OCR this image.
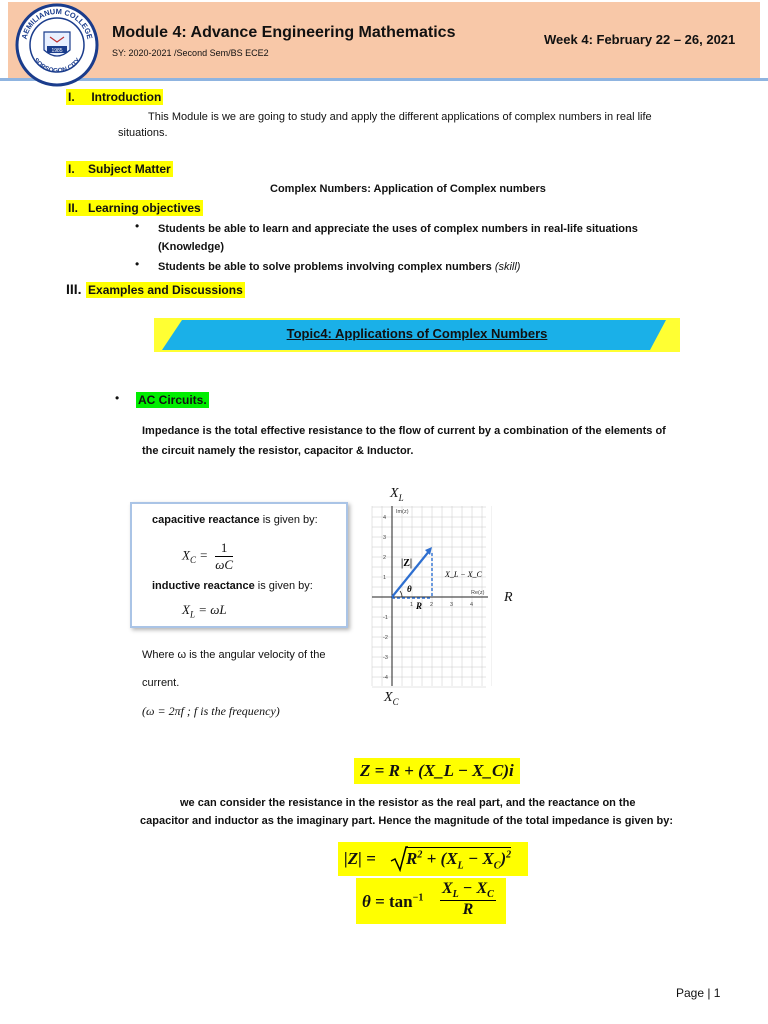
AEMILIANUM COLLEGE
SORSOGON CITY
1985
Module 4: Advance Engineering Mathematics
SY: 2020-2021 /Second Sem/BS ECE2
Week 4: February 22 – 26, 2021
I. Introduction
This Module is we are going to study and apply the different applications of complex numbers in real life
situations.
I. Subject Matter
Complex Numbers: Application of Complex numbers
II. Learning objectives
• Students be able to learn and appreciate the uses of complex numbers in real-life situations
(Knowledge)
• Students be able to solve problems involving complex numbers (skill)
III. Examples and Discussions
Topic4: Applications of Complex Numbers
• AC Circuits.
Impedance is the total effective resistance to the flow of current by a combination of the elements of
the circuit namely the resistor, capacitor & Inductor.
capacitive reactance is given by:
$X_C = \frac{1}{\omega C}$
inductive reactance is given by:
$X_L = \omega L$
Where ω is the angular velocity of the
current.
(ω = 2πf ; f is the frequency)
$X_L$
$X_C$
R
4
3
2
1
-1
-2
-3
-4
1	2	3	4
Im(z)
Re(z)
|Z|
θ
R
X_L − X_C
Z = R + (X_L − X_C)i
we can consider the resistance in the resistor as the real part, and the reactance on the
capacitor and inductor as the imaginary part. Hence the magnitude of the total impedance is given by:
$|Z| = R^2 + (X_L - X_C)^2$
$\theta = \tan^{-1}$
$X_L - X_C$
R
Page | 1
